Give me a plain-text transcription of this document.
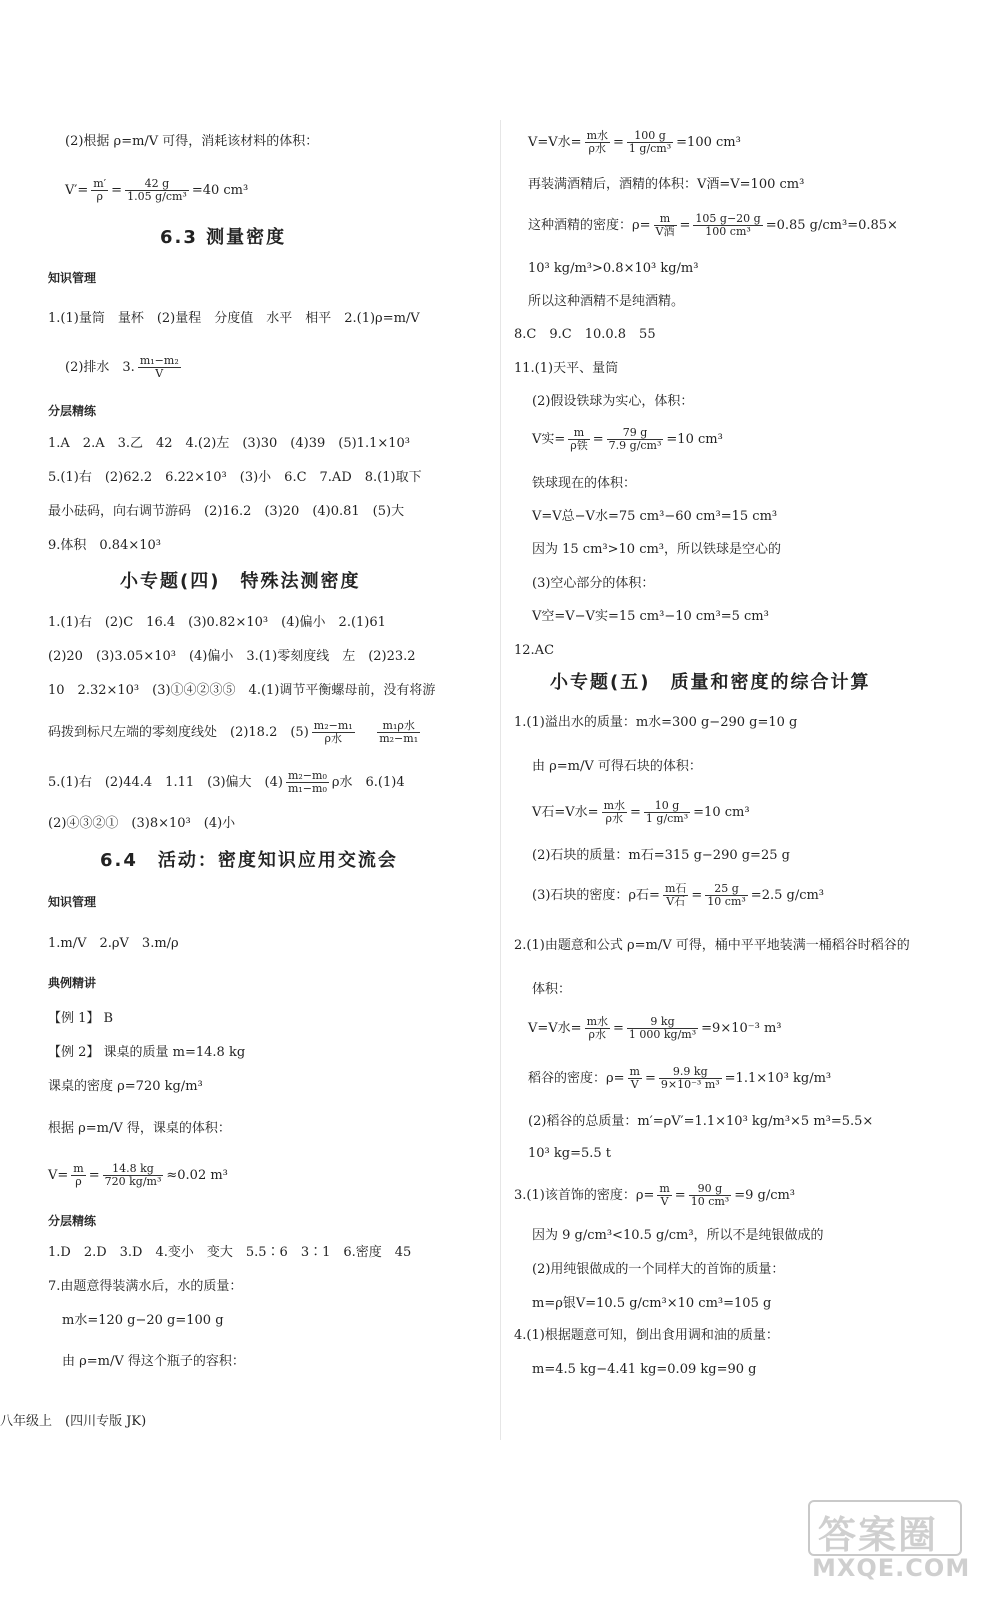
(2)根据 ρ=m/V 可得，消耗该材料的体积：
$V'= \frac{m'}{\rho} = \frac{42 g}{\text{1.05 g/cm³}} =40$ cm³
6.3 测量密度
知识管理
1.(1)量筒　量杯　(2)量程　分度值　水平　相平　2.(1)ρ=m/V
(2)排水　3. $\frac{\text{m₁−m₂}}{V}$
分层精练
1.A　2.A　3.乙　42　4.(2)左　(3)30　(4)39　(5)1.1×10³
5.(1)右　(2)62.2　6.22×10³　(3)小　6.C　7.AD　8.(1)取下
最小砝码，向右调节游码　(2)16.2　(3)20　(4)0.81　(5)大
9.体积　0.84×10³
小专题(四)　特殊法测密度
1.(1)右　(2)C　16.4　(3)0.82×10³　(4)偏小　2.(1)61
(2)20　(3)3.05×10³　(4)偏小　3.(1)零刻度线　左　(2)23.2
10　2.32×10³　(3)①④②③⑤　4.(1)调节平衡螺母前，没有将游
码拨到标尺左端的零刻度线处　(2)18.2　$(5) \frac{\text{m₂−m₁}}{\text{ρ水}}$
$\frac{\text{m₁ρ水}}{\text{m₂−m₁}}$
5.(1)右　(2)44.4　1.11　(3)偏大　$(4) \frac{\text{m₂−m₀}}{\text{m₁−m₀}}$ ρ水　6.(1)4
(2)④③②①　(3)8×10³　(4)小
6.4　活动：密度知识应用交流会
知识管理
1.m/V　2.ρV　3.m/ρ
典例精讲
【例 1】 B
【例 2】 课桌的质量 m=14.8 kg
课桌的密度 ρ=720 kg/m³
根据 ρ=m/V 得，课桌的体积：
$V= \frac{m}{\rho} = \frac{14.8 kg}{\text{720 kg/m³}} \approx 0.02$ m³
分层精练
1.D　2.D　3.D　4.变小　变大　5.5∶6　3∶1　6.密度　45
7.由题意得装满水后，水的质量：
m水=120 g−20 g=100 g
由 ρ=m/V 得这个瓶子的容积：
八年级上　(四川专版 JK)
V=V水= $\frac{\text{m水}}{\text{ρ水}} = \frac{100 g}{\text{1 g/cm³}} =100$ cm³
再装满酒精后，酒精的体积：V酒=V=100 cm³
这种酒精的密度：$\rho= \frac{m}{\text{V酒}} = \frac{105 g-20 g}{\text{100 cm³}} =0.85$ g/cm³=0.85×
10³ kg/m³>0.8×10³ kg/m³
所以这种酒精不是纯酒精。
8.C　9.C　10.0.8　55
11.(1)天平、量筒
(2)假设铁球为实心，体积：
V实= $\frac{m}{\text{ρ铁}} = \frac{79 g}{\text{7.9 g/cm³}} =10$ cm³
铁球现在的体积：
V=V总−V水=75 cm³−60 cm³=15 cm³
因为 15 cm³>10 cm³，所以铁球是空心的
(3)空心部分的体积：
V空=V−V实=15 cm³−10 cm³=5 cm³
12.AC
小专题(五)　质量和密度的综合计算
1.(1)溢出水的质量：m水=300 g−290 g=10 g
由 ρ=m/V 可得石块的体积：
V石=V水= $\frac{\text{m水}}{\text{ρ水}} = \frac{10 g}{\text{1 g/cm³}} =10$ cm³
(2)石块的质量：m石=315 g−290 g=25 g
(3)石块的密度：ρ石= $\frac{\text{m石}}{\text{V石}} = \frac{25 g}{\text{10 cm³}} =2.5$ g/cm³
2.(1)由题意和公式 ρ=m/V 可得，桶中平平地装满一桶稻谷时稻谷的
体积：
V=V水= $\frac{\text{m水}}{\text{ρ水}} = \frac{9 kg}{\text{1 000 kg/m³}} =9\times 10^{-3}$ m³
稻谷的密度：$\rho= \frac{m}{V} = \frac{9.9 kg}{\text{9×10⁻³ m³}} =1.1\times 10^3$ kg/m³
(2)稻谷的总质量：m′=ρV′=1.1×10³ kg/m³×5 m³=5.5×
10³ kg=5.5 t
3.(1)该首饰的密度：$\rho= \frac{m}{V} = \frac{90 g}{\text{10 cm³}} =9$ g/cm³
因为 9 g/cm³<10.5 g/cm³，所以不是纯银做成的
(2)用纯银做成的一个同样大的首饰的质量：
m=ρ银V=10.5 g/cm³×10 cm³=105 g
4.(1)根据题意可知，倒出食用调和油的质量：
m=4.5 kg−4.41 kg=0.09 kg=90 g
答案圈
MXQE.COM
